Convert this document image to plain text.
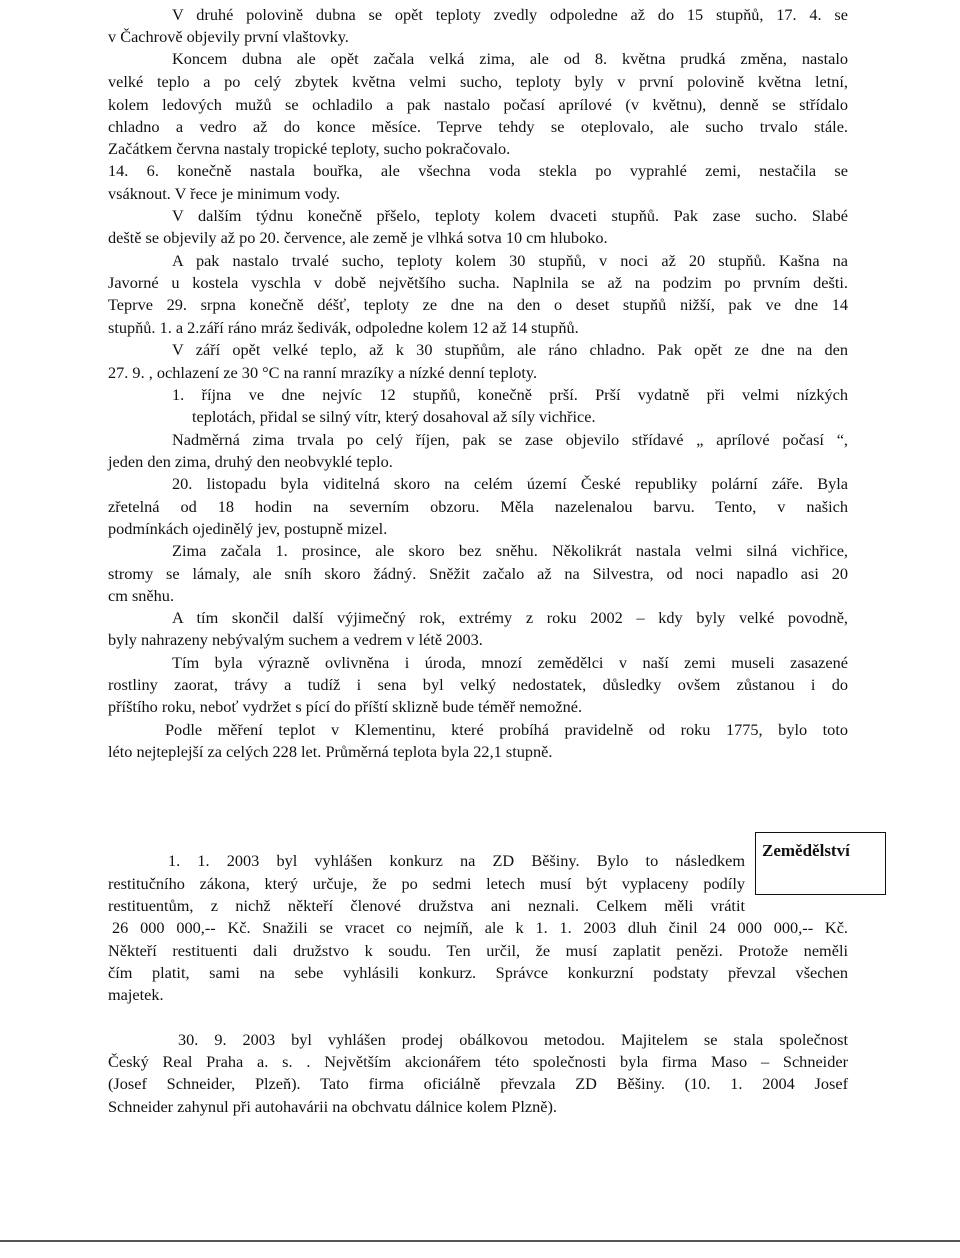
V druhé polovině dubna se opět teploty zvedly odpoledne až do 15 stupňů, 17. 4. se
v Čachrově objevily první vlaštovky.
Koncem dubna ale opět začala velká zima, ale od 8. května prudká změna, nastalo
velké teplo a po celý zbytek května velmi sucho, teploty byly v první polovině května letní,
kolem ledových mužů se ochladilo a pak nastalo počasí aprílové (v květnu), denně se střídalo
chladno a vedro až do konce měsíce. Teprve tehdy se oteplovalo, ale sucho trvalo stále.
Začátkem června nastaly tropické teploty, sucho pokračovalo.
14. 6. konečně nastala bouřka, ale všechna voda stekla po vyprahlé zemi, nestačila se
vsáknout. V řece je minimum vody.
V dalším týdnu konečně přšelo, teploty kolem dvaceti stupňů. Pak zase sucho. Slabé
deště se objevily až po 20. července, ale země je vlhká sotva 10 cm hluboko.
A pak nastalo trvalé sucho, teploty kolem 30 stupňů, v noci až 20 stupňů. Kašna na
Javorné u kostela vyschla v době největšího sucha. Naplnila se až na podzim po prvním dešti.
Teprve 29. srpna konečně déšť, teploty ze dne na den o deset stupňů nižší, pak ve dne 14
stupňů. 1. a 2.září ráno mráz šedivák, odpoledne kolem 12 až 14 stupňů.
V září opět velké teplo, až k 30 stupňům, ale ráno chladno. Pak opět ze dne na den
27. 9. , ochlazení ze 30 °C na ranní mrazíky a nízké denní teploty.
1. října ve dne nejvíc 12 stupňů, konečně prší. Prší vydatně při velmi nízkých
teplotách, přidal se silný vítr, který dosahoval až síly vichřice.
Nadměrná zima trvala po celý říjen, pak se zase objevilo střídavé „ aprílové počasí “,
jeden den zima, druhý den neobvyklé teplo.
20. listopadu byla viditelná skoro na celém území České republiky polární záře. Byla
zřetelná od 18 hodin na severním obzoru. Měla nazelenalou barvu. Tento, v našich
podmínkách ojedinělý jev, postupně mizel.
Zima začala 1. prosince, ale skoro bez sněhu. Několikrát nastala velmi silná vichřice,
stromy se lámaly, ale sníh skoro žádný. Sněžit začalo až na Silvestra, od noci napadlo asi 20
cm sněhu.
A tím skončil další výjimečný rok, extrémy z roku 2002 – kdy byly velké povodně,
byly nahrazeny nebývalým suchem a vedrem v létě 2003.
Tím byla výrazně ovlivněna i úroda, mnozí zemědělci v naší zemi museli zasazené
rostliny zaorat, trávy a tudíž i sena byl velký nedostatek, důsledky ovšem zůstanou i do
příštího roku, neboť vydržet s pící do příští sklizně bude téměř nemožné.
Podle měření teplot v Klementinu, které probíhá pravidelně od roku 1775, bylo toto
léto nejteplejší za celých 228 let. Průměrná teplota byla 22,1 stupně.
Zemědělství
1. 1. 2003 byl vyhlášen konkurz na ZD Běšiny. Bylo to následkem
restitučního zákona, který určuje, že po sedmi letech musí být vyplaceny podíly
restituentům, z nichž někteří členové družstva ani neznali. Celkem měli vrátit
26 000 000,-- Kč. Snažili se vracet co nejmíň, ale k 1. 1. 2003 dluh činil 24 000 000,-- Kč.
Někteří restituenti dali družstvo k soudu. Ten určil, že musí zaplatit penězi. Protože neměli
čím platit, sami na sebe vyhlásili konkurz. Správce konkurzní podstaty převzal všechen
majetek.
30. 9. 2003 byl vyhlášen prodej obálkovou metodou. Majitelem se stala společnost
Český Real Praha a. s. . Největším akcionářem této společnosti byla firma Maso – Schneider
(Josef Schneider, Plzeň). Tato firma oficiálně převzala ZD Běšiny. (10. 1. 2004 Josef
Schneider zahynul při autohavárii na obchvatu dálnice kolem Plzně).
